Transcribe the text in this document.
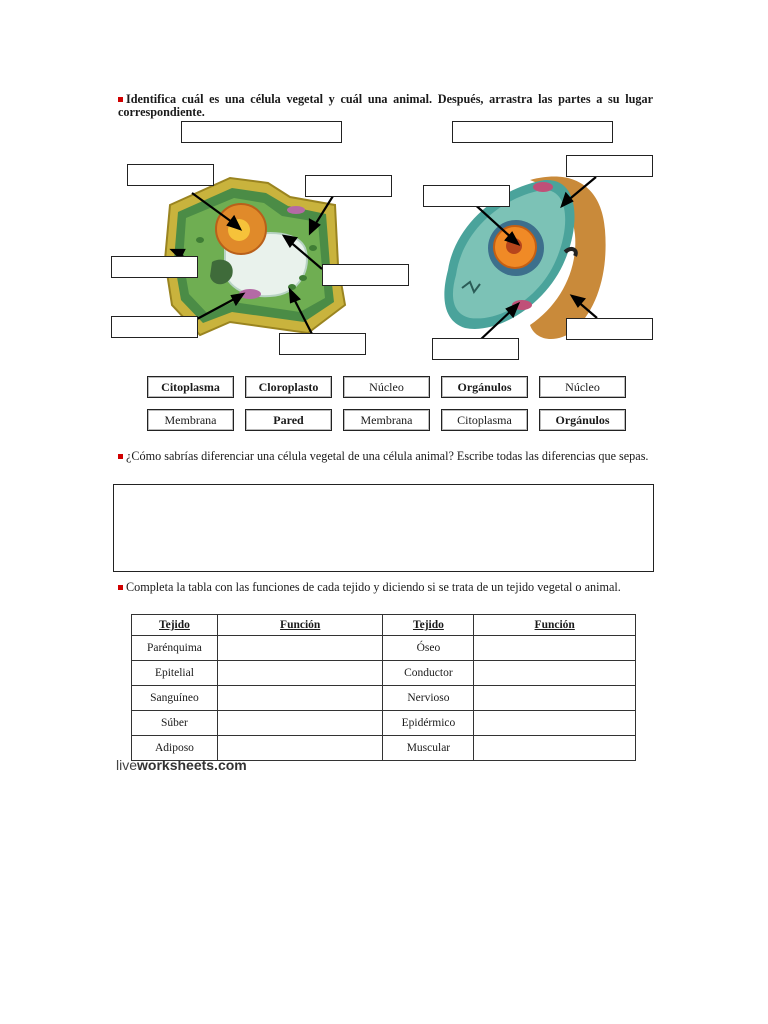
Identifica cuál es una célula vegetal y cuál una animal. Después, arrastra las partes a su lugar correspondiente.
Citoplasma	Cloroplasto	Núcleo	Orgánulos	Núcleo
Membrana	Pared	Membrana	Citoplasma	Orgánulos
¿Cómo sabrías diferenciar una célula vegetal de una célula animal? Escribe todas las diferencias que sepas.
Completa la tabla con las funciones de cada tejido y diciendo si se trata de un tejido vegetal o animal.
Tejido	Función	Tejido	Función
Parénquima		Óseo	
Epitelial		Conductor	
Sanguíneo		Nervioso	
Súber		Epidérmico	
Adiposo		Muscular	
liveworksheets.com
